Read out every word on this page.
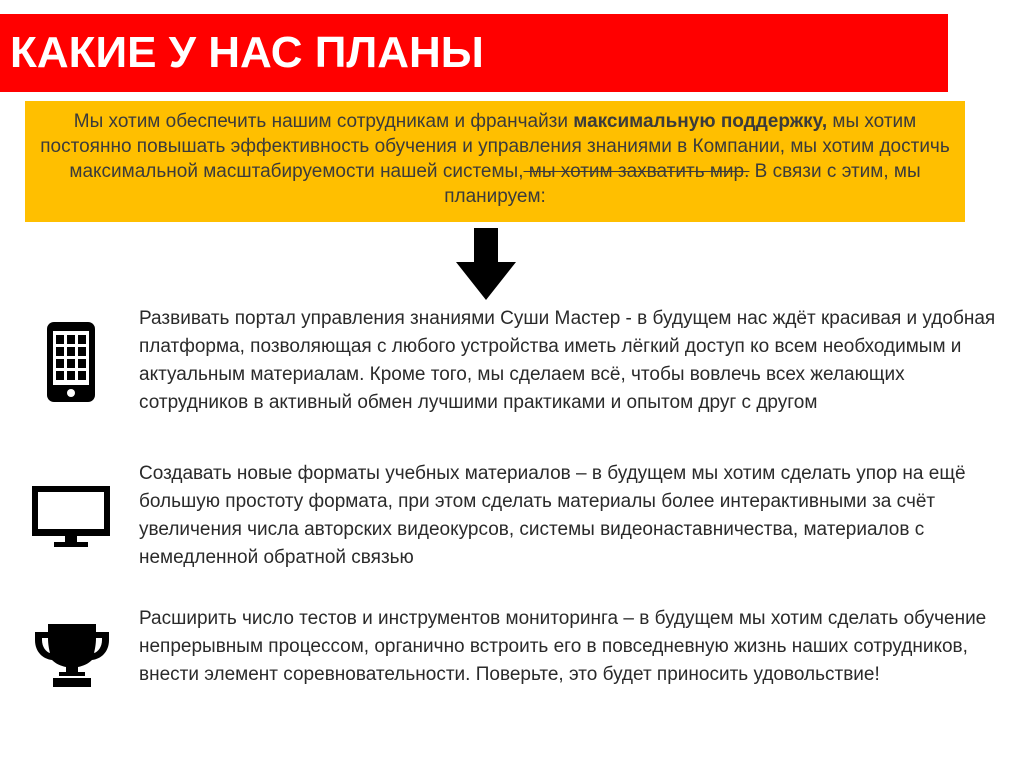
КАКИЕ У НАС ПЛАНЫ
Мы хотим обеспечить нашим сотрудникам и франчайзи максимальную поддержку, мы хотим постоянно повышать эффективность обучения и управления знаниями в Компании, мы хотим достичь максимальной масштабируемости нашей системы, мы хотим захватить мир. В связи с этим, мы планируем:
Развивать портал управления знаниями Суши Мастер - в будущем нас ждёт красивая и удобная платформа, позволяющая с любого устройства иметь лёгкий доступ ко всем необходимым и актуальным материалам. Кроме того, мы сделаем всё, чтобы вовлечь всех желающих сотрудников в активный обмен лучшими практиками и опытом друг с другом
Создавать новые форматы учебных материалов – в будущем мы хотим сделать упор на ещё большую простоту формата, при этом сделать материалы более интерактивными за счёт увеличения числа авторских видеокурсов, системы видеонаставничества, материалов с немедленной обратной связью
Расширить число тестов и инструментов мониторинга – в будущем мы хотим сделать обучение непрерывным процессом, органично встроить его в повседневную жизнь наших сотрудников, внести элемент соревновательности. Поверьте, это будет приносить удовольствие!
